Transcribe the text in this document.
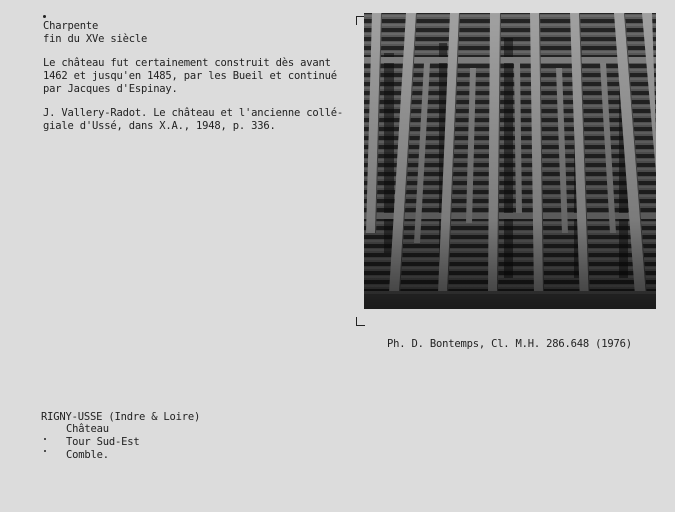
Charpente
fin du XVe siècle
Le château fut certainement construit dès avant
1462 et jusqu'en 1485, par les Bueil et continué
par Jacques d'Espinay.
J. Vallery-Radot. Le château et l'ancienne collé-
giale d'Ussé, dans X.A., 1948, p. 336.
Ph. D. Bontemps, Cl. M.H. 286.648 (1976)
RIGNY-USSE (Indre & Loire)
Château
Tour Sud-Est
Comble.
